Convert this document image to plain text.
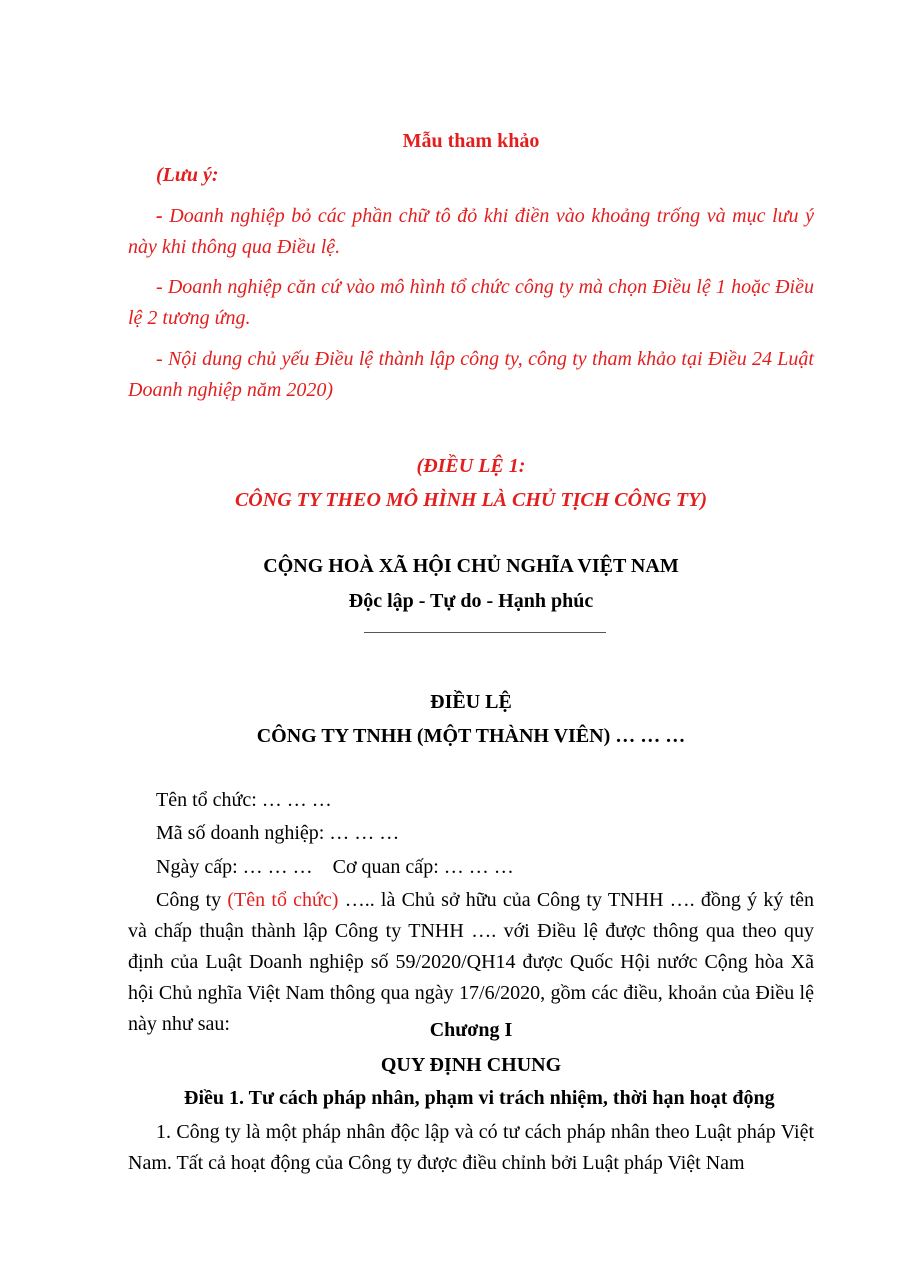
Mẫu tham khảo

(Lưu ý:

- Doanh nghiệp bỏ các phần chữ tô đỏ khi điền vào khoảng trống và mục lưu ý này khi thông qua Điều lệ.

- Doanh nghiệp căn cứ vào mô hình tổ chức công ty mà chọn Điều lệ 1 hoặc Điều lệ 2 tương ứng.

- Nội dung chủ yếu Điều lệ thành lập công ty, công ty tham khảo tại Điều 24 Luật Doanh nghiệp năm 2020)

(ĐIỀU LỆ 1:

CÔNG TY THEO MÔ HÌNH LÀ CHỦ TỊCH CÔNG TY)

CỘNG HOÀ XÃ HỘI CHỦ NGHĨA VIỆT NAM

Độc lập - Tự do - Hạnh phúc

ĐIỀU LỆ

CÔNG TY TNHH (MỘT THÀNH VIÊN) … … …

Tên tổ chức: … … …

Mã số doanh nghiệp: … … …

Ngày cấp: … … … Cơ quan cấp: … … …

Công ty (Tên tổ chức) ….. là Chủ sở hữu của Công ty TNHH …. đồng ý ký tên và chấp thuận thành lập Công ty TNHH …. với Điều lệ được thông qua theo quy định của Luật Doanh nghiệp số 59/2020/QH14 được Quốc Hội nước Cộng hòa Xã hội Chủ nghĩa Việt Nam thông qua ngày 17/6/2020, gồm các điều, khoản của Điều lệ này như sau:	Chương I

QUY ĐỊNH CHUNG

Điều 1. Tư cách pháp nhân, phạm vi trách nhiệm, thời hạn hoạt động

1. Công ty là một pháp nhân độc lập và có tư cách pháp nhân theo Luật pháp Việt Nam. Tất cả hoạt động của Công ty được điều chỉnh bởi Luật pháp Việt Nam
